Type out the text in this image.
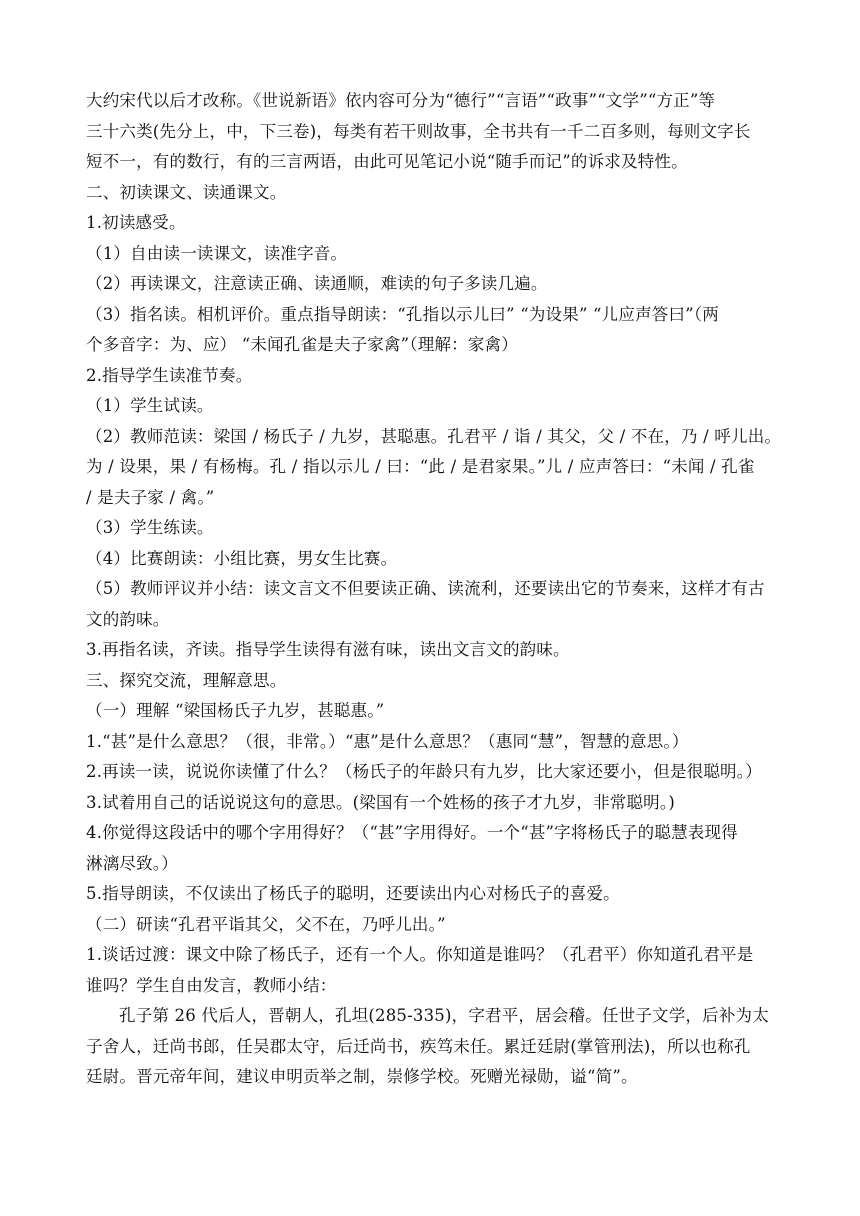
大约宋代以后才改称。《世说新语》依内容可分为“德行”“言语”“政事”“文学”“方正”等
三十六类(先分上，中，下三卷)，每类有若干则故事，全书共有一千二百多则，每则文字长
短不一，有的数行，有的三言两语，由此可见笔记小说“随手而记”的诉求及特性。
二、初读课文、读通课文。
1.初读感受。
（1）自由读一读课文，读准字音。
（2）再读课文，注意读正确、读通顺，难读的句子多读几遍。
（3）指名读。相机评价。重点指导朗读：“孔指以示儿曰” “为设果” “儿应声答曰”（两
个多音字：为、应） “未闻孔雀是夫子家禽”（理解：家禽）
2.指导学生读准节奏。
（1）学生试读。
（2）教师范读：梁国 / 杨氏子 / 九岁，甚聪惠。孔君平 / 诣 / 其父，父 / 不在，乃 / 呼儿出。
为 / 设果，果 / 有杨梅。孔 / 指以示儿 / 曰：“此 / 是君家果。”儿 / 应声答曰：“未闻 / 孔雀
/ 是夫子家 / 禽。”
（3）学生练读。
（4）比赛朗读：小组比赛，男女生比赛。
（5）教师评议并小结：读文言文不但要读正确、读流利，还要读出它的节奏来，这样才有古
文的韵味。
3.再指名读，齐读。指导学生读得有滋有味，读出文言文的韵味。
三、探究交流，理解意思。
（一）理解 “梁国杨氏子九岁，甚聪惠。”
1.“甚”是什么意思？（很，非常。）“惠”是什么意思？（惠同“慧”，智慧的意思。）
2.再读一读，说说你读懂了什么？（杨氏子的年龄只有九岁，比大家还要小，但是很聪明。）
3.试着用自己的话说说这句的意思。(梁国有一个姓杨的孩子才九岁，非常聪明。)
4.你觉得这段话中的哪个字用得好？（“甚”字用得好。一个“甚”字将杨氏子的聪慧表现得
淋漓尽致。）
5.指导朗读，不仅读出了杨氏子的聪明，还要读出内心对杨氏子的喜爱。
（二）研读“孔君平诣其父，父不在，乃呼儿出。”
1.谈话过渡：课文中除了杨氏子，还有一个人。你知道是谁吗？（孔君平）你知道孔君平是
谁吗？学生自由发言，教师小结：
孔子第 26 代后人，晋朝人，孔坦(285-335)，字君平，居会稽。任世子文学，后补为太
子舍人，迁尚书郎，任吴郡太守，后迁尚书，疾笃未任。累迁廷尉(掌管刑法)，所以也称孔
廷尉。晋元帝年间，建议申明贡举之制，崇修学校。死赠光禄勋，谥“简”。
